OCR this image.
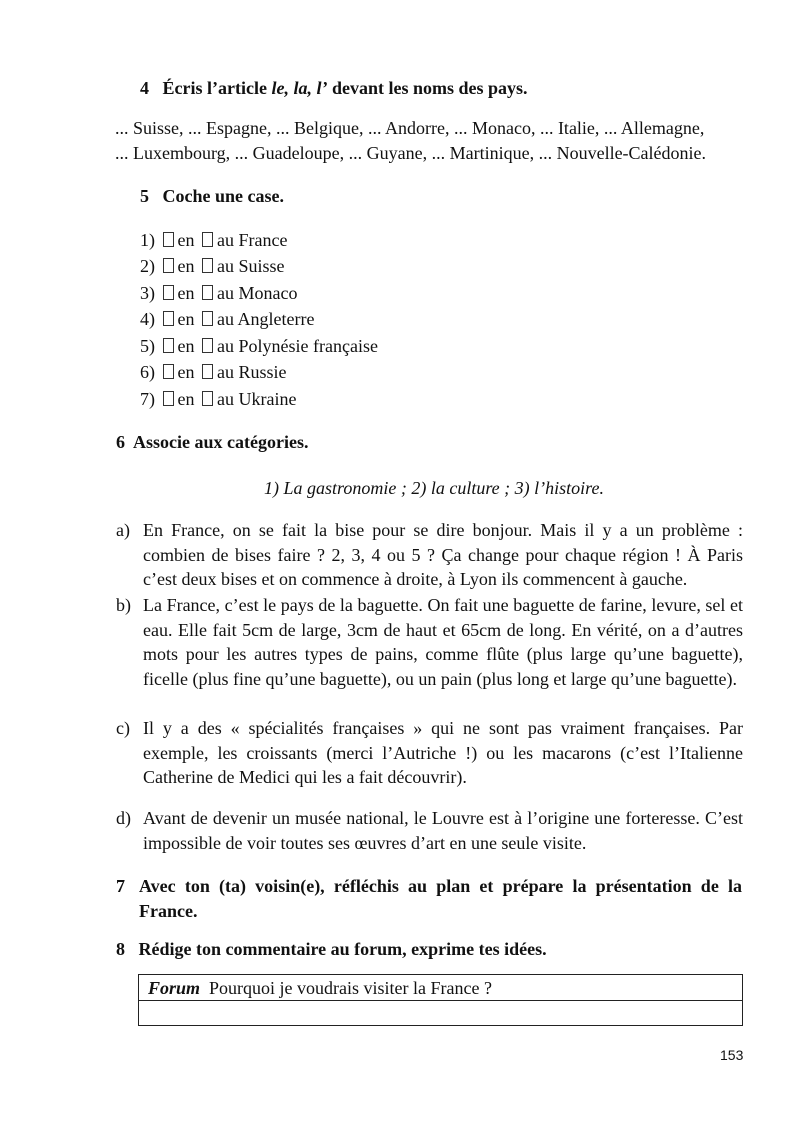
4 Écris l’article le, la, l’ devant les noms des pays.
... Suisse, ... Espagne, ... Belgique, ... Andorre, ... Monaco, ... Italie, ... Allemagne,
... Luxembourg, ... Guadeloupe, ... Guyane, ... Martinique, ... Nouvelle-Calédonie.
5 Coche une case.
1) en au France
2) en au Suisse
3) en au Monaco
4) en au Angleterre
5) en au Polynésie française
6) en au Russie
7) en au Ukraine
6 Associe aux catégories.
1) La gastronomie ; 2) la culture ; 3) l’histoire.
a) En France, on se fait la bise pour se dire bonjour. Mais il y a un problème : combien de bises faire ? 2, 3, 4 ou 5 ? Ça change pour chaque région ! À Paris c’est deux bises et on commence à droite, à Lyon ils commencent à gauche.
b) La France, c’est le pays de la baguette. On fait une baguette de farine, levure, sel et eau. Elle fait 5cm de large, 3cm de haut et 65cm de long. En vérité, on a d’autres mots pour les autres types de pains, comme flûte (plus large qu’une baguette), ficelle (plus fine qu’une baguette), ou un pain (plus long et large qu’une baguette).
c) Il y a des « spécialités françaises » qui ne sont pas vraiment françaises. Par exemple, les croissants (merci l’Autriche !) ou les macarons (c’est l’Italienne Catherine de Medici qui les a fait découvrir).
d) Avant de devenir un musée national, le Louvre est à l’origine une forteresse. C’est impossible de voir toutes ses œuvres d’art en une seule visite.
7 Avec ton (ta) voisin(e), réfléchis au plan et prépare la présentation de la France.
8 Rédige ton commentaire au forum, exprime tes idées.
Forum Pourquoi je voudrais visiter la France ?
153
